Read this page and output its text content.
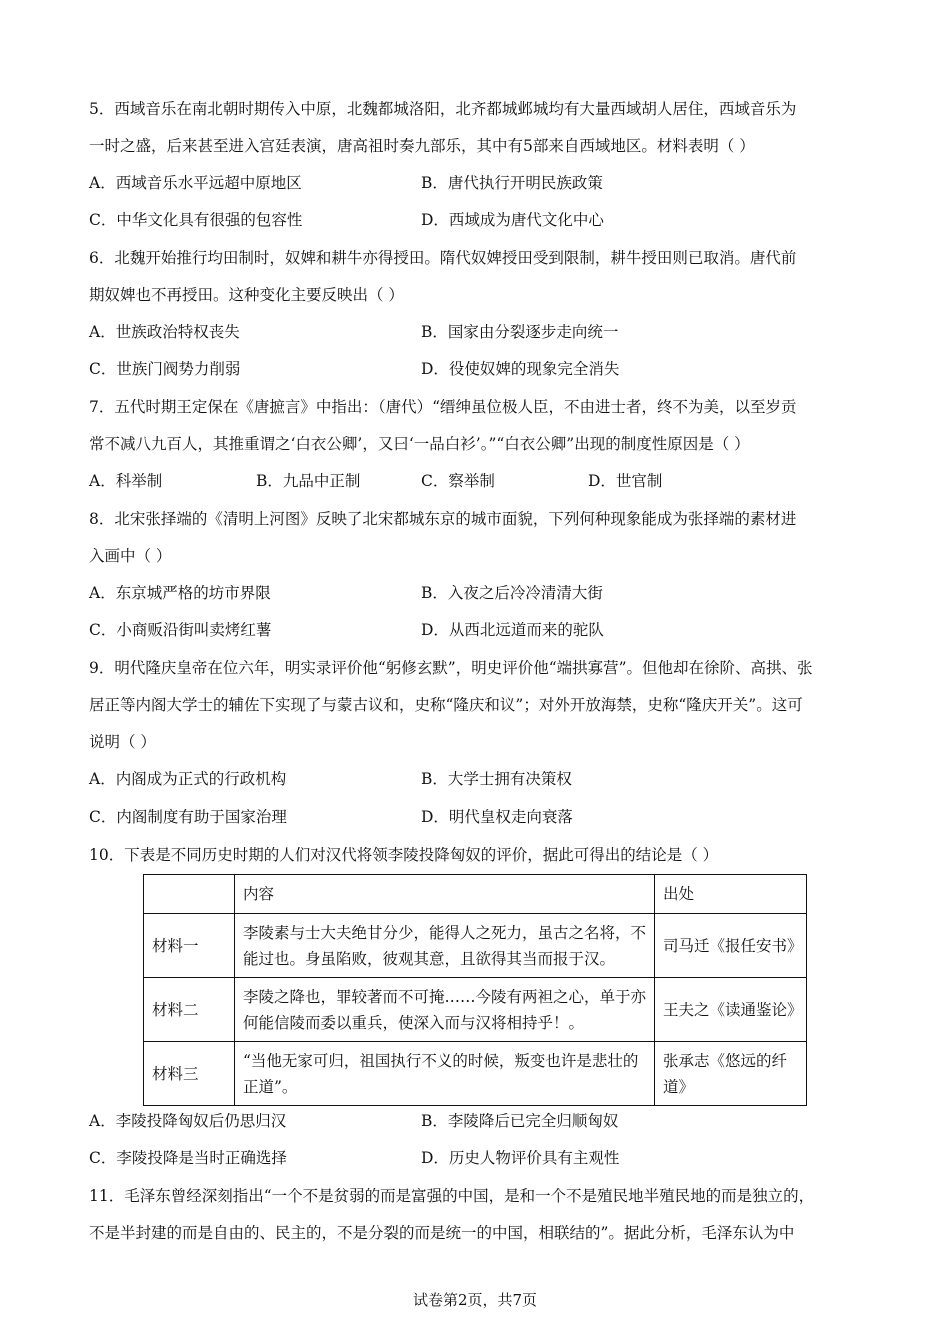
5．西域音乐在南北朝时期传入中原，北魏都城洛阳，北齐都城邺城均有大量西域胡人居住，西域音乐为
一时之盛，后来甚至进入宫廷表演，唐高祖时奏九部乐，其中有5部来自西域地区。材料表明（ ）
A．西域音乐水平远超中原地区	B．唐代执行开明民族政策
C．中华文化具有很强的包容性	D．西域成为唐代文化中心
6．北魏开始推行均田制时，奴婢和耕牛亦得授田。隋代奴婢授田受到限制，耕牛授田则已取消。唐代前
期奴婢也不再授田。这种变化主要反映出（ ）
A．世族政治特权丧失	B．国家由分裂逐步走向统一
C．世族门阀势力削弱	D．役使奴婢的现象完全消失
7．五代时期王定保在《唐摭言》中指出：（唐代）“缙绅虽位极人臣，不由进士者，终不为美，以至岁贡
常不减八九百人，其推重谓之‘白衣公卿’，又曰‘一品白衫’。”“白衣公卿”出现的制度性原因是（ ）
A．科举制	B．九品中正制	C．察举制	D．世官制
8．北宋张择端的《清明上河图》反映了北宋都城东京的城市面貌，下列何种现象能成为张择端的素材进
入画中（ ）
A．东京城严格的坊市界限	B．入夜之后冷冷清清大街
C．小商贩沿街叫卖烤红薯	D．从西北远道而来的驼队
9．明代隆庆皇帝在位六年，明实录评价他“躬修玄默”，明史评价他“端拱寡营”。但他却在徐阶、高拱、张
居正等内阁大学士的辅佐下实现了与蒙古议和，史称“隆庆和议”；对外开放海禁，史称“隆庆开关”。这可
说明（ ）
A．内阁成为正式的行政机构	B．大学士拥有决策权
C．内阁制度有助于国家治理	D．明代皇权走向衰落
10．下表是不同历史时期的人们对汉代将领李陵投降匈奴的评价，据此可得出的结论是（ ）
	内容	出处
材料一	李陵素与士大夫绝甘分少，能得人之死力，虽古之名将，不能过也。身虽陷败，彼观其意，且欲得其当而报于汉。	司马迁《报任安书》
材料二	李陵之降也，罪较著而不可掩……今陵有两袒之心，单于亦何能信陵而委以重兵，使深入而与汉将相持乎！。	王夫之《读通鉴论》
材料三	“当他无家可归，祖国执行不义的时候，叛变也许是悲壮的正道”。	张承志《悠远的纤道》
A．李陵投降匈奴后仍思归汉	B．李陵降后已完全归顺匈奴
C．李陵投降是当时正确选择	D．历史人物评价具有主观性
11．毛泽东曾经深刻指出“一个不是贫弱的而是富强的中国，是和一个不是殖民地半殖民地的而是独立的，
不是半封建的而是自由的、民主的，不是分裂的而是统一的中国，相联结的”。据此分析，毛泽东认为中
试卷第2页，共7页
